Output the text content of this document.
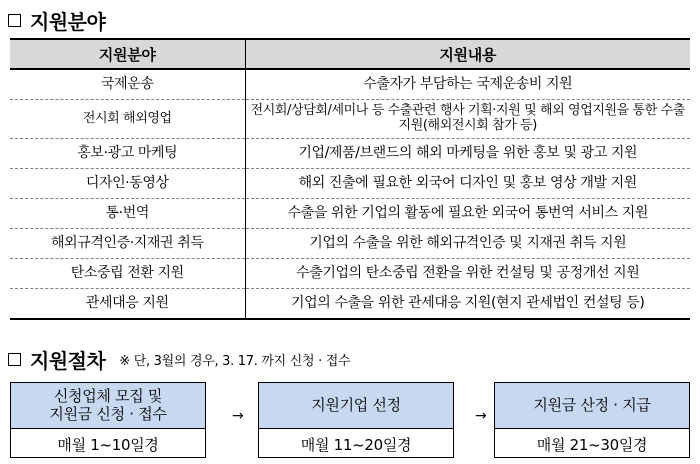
지원분야
지원분야	지원내용
국제운송	수출자가 부담하는 국제운송비 지원
전시회 해외영업	전시회/상담회/세미나 등 수출관련 행사 기획·지원 및 해외 영업지원을 통한 수출 지원(해외전시회 참가 등)
홍보·광고 마케팅	기업/제품/브랜드의 해외 마케팅을 위한 홍보 및 광고 지원
디자인·동영상	해외 진출에 필요한 외국어 디자인 및 홍보 영상 개발 지원
통·번역	수출을 위한 기업의 활동에 필요한 외국어 통번역 서비스 지원
해외규격인증·지재권 취득	기업의 수출을 위한 해외규격인증 및 지재권 취득 지원
탄소중립 전환 지원	수출기업의 탄소중립 전환을 위한 컨설팅 및 공정개선 지원
관세대응 지원	기업의 수출을 위한 관세대응 지원(현지 관세법인 컨설팅 등)
지원절차 ※ 단, 3월의 경우, 3. 17. 까지 신청 · 접수
신청업체 모집 및
지원금 신청 · 접수
매월 1~10일경
→
지원기업 선정
매월 11~20일경
→
지원금 산정 · 지급
매월 21~30일경
